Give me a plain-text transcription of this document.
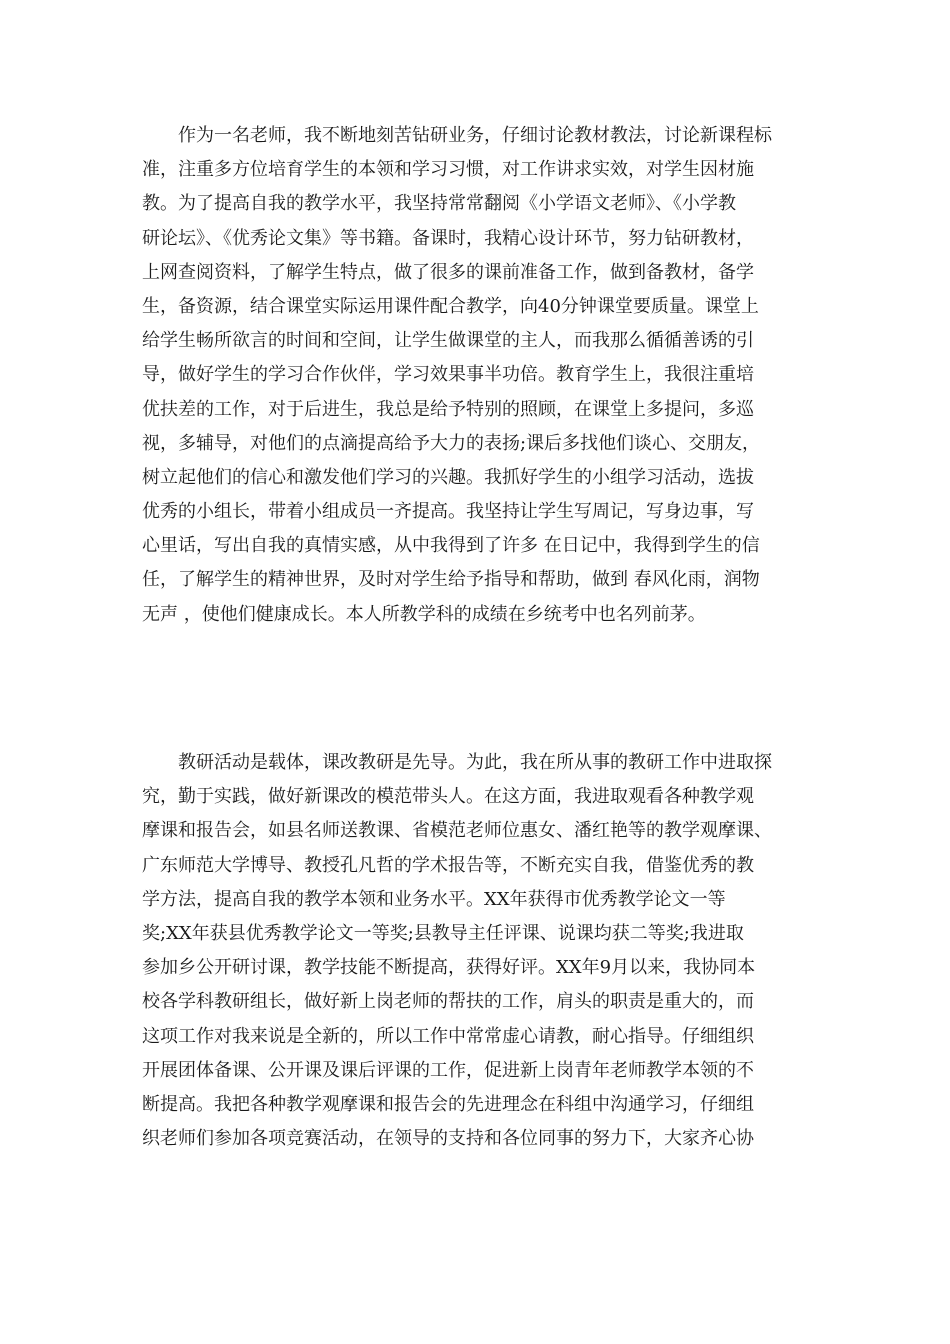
　　作为一名老师，我不断地刻苦钻研业务，仔细讨论教材教法，讨论新课程标
准，注重多方位培育学生的本领和学习习惯，对工作讲求实效，对学生因材施
教。为了提高自我的教学水平，我坚持常常翻阅《小学语文老师》、《小学教
研论坛》、《优秀论文集》等书籍。备课时，我精心设计环节，努力钻研教材，
上网查阅资料，了解学生特点，做了很多的课前准备工作，做到备教材，备学
生，备资源，结合课堂实际运用课件配合教学，向40分钟课堂要质量。课堂上
给学生畅所欲言的时间和空间，让学生做课堂的主人，而我那么循循善诱的引
导，做好学生的学习合作伙伴，学习效果事半功倍。教育学生上，我很注重培
优扶差的工作，对于后进生，我总是给予特别的照顾，在课堂上多提问，多巡
视，多辅导，对他们的点滴提高给予大力的表扬;课后多找他们谈心、交朋友，
树立起他们的信心和激发他们学习的兴趣。我抓好学生的小组学习活动，选拔
优秀的小组长，带着小组成员一齐提高。我坚持让学生写周记，写身边事，写
心里话，写出自我的真情实感，从中我得到了许多 在日记中，我得到学生的信
任，了解学生的精神世界，及时对学生给予指导和帮助，做到 春风化雨，润物
无声 ，使他们健康成长。本人所教学科的成绩在乡统考中也名列前茅。
　　教研活动是载体，课改教研是先导。为此，我在所从事的教研工作中进取探
究，勤于实践，做好新课改的模范带头人。在这方面，我进取观看各种教学观
摩课和报告会，如县名师送教课、省模范老师位惠女、潘红艳等的教学观摩课、
广东师范大学博导、教授孔凡哲的学术报告等，不断充实自我，借鉴优秀的教
学方法，提高自我的教学本领和业务水平。XX年获得市优秀教学论文一等
奖;XX年获县优秀教学论文一等奖;县教导主任评课、说课均获二等奖;我进取
参加乡公开研讨课，教学技能不断提高，获得好评。XX年9月以来，我协同本
校各学科教研组长，做好新上岗老师的帮扶的工作，肩头的职责是重大的，而
这项工作对我来说是全新的，所以工作中常常虚心请教，耐心指导。仔细组织
开展团体备课、公开课及课后评课的工作，促进新上岗青年老师教学本领的不
断提高。我把各种教学观摩课和报告会的先进理念在科组中沟通学习，仔细组
织老师们参加各项竞赛活动，在领导的支持和各位同事的努力下，大家齐心协
